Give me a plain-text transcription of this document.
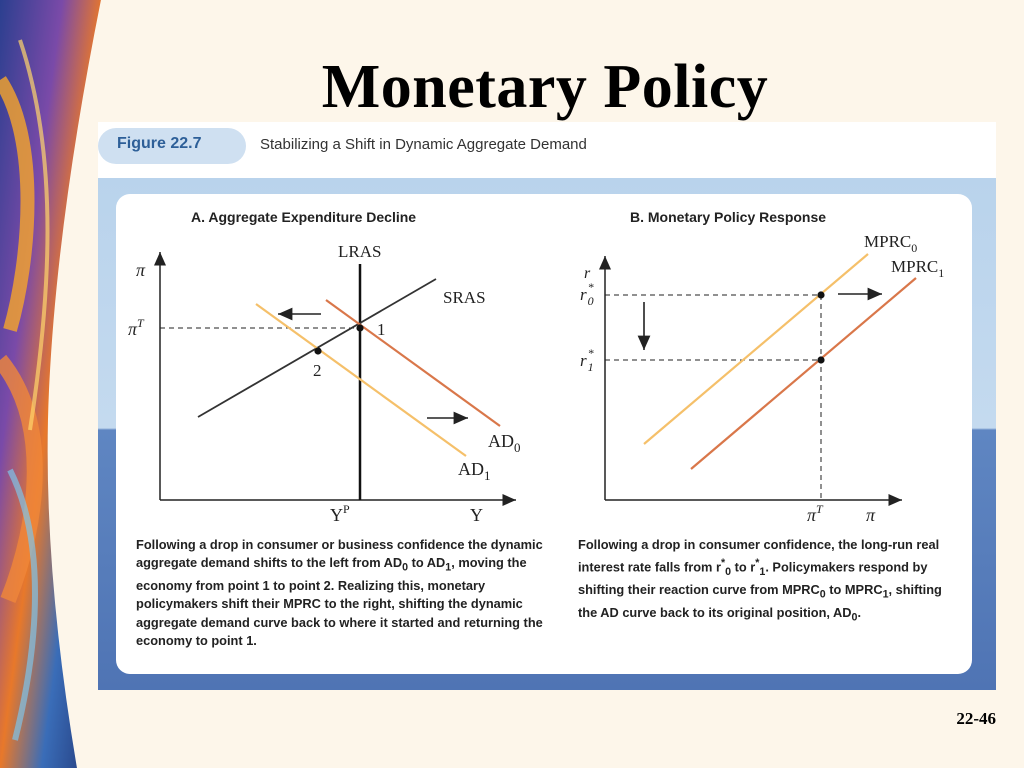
Monetary Policy
Figure 22.7	Stabilizing a Shift in Dynamic Aggregate Demand
A. Aggregate Expenditure Decline	B. Monetary Policy Response
π
Y
$\pi^T$
$Y^P$
LRAS
SRAS
$AD_0$
$AD_1$
1
2
r
π
$\pi^T$
r* 0
r* 1
$MPRC_0$
$MPRC_1$
Following a drop in consumer or business confidence the dynamic aggregate demand shifts to the left from $AD_0$ to $AD_1$, moving the economy from point 1 to point 2. Realizing this, monetary policymakers shift their MPRC to the right, shifting the dynamic aggregate demand curve back to where it started and returning the economy to point 1.
Following a drop in consumer confidence, the long-run real interest rate falls from $r^*_0$ to $r^*_1$. Policymakers respond by shifting their reaction curve from $MPRC_0$ to $MPRC_1$, shifting the AD curve back to its original position, $AD_0$.
22-46
